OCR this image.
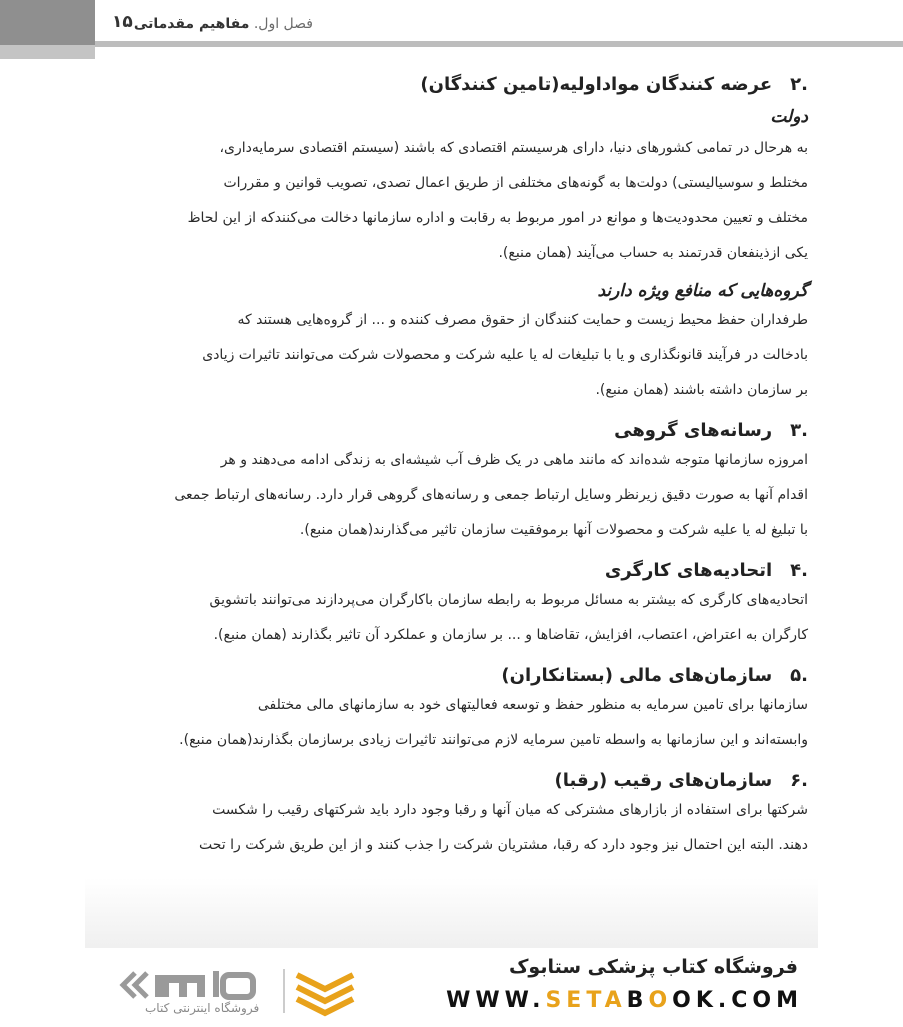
۱۵	فصل اول. مفاهیم مقدماتی
.۲عرضه کنندگان موادا‌ولیه(تامین کنندگان)
دولت
به هرحال در تمامی کشورهای دنیا، دارای هرسیستم اقتصادی که باشند (سیستم اقتصادی سرمایه‌داری،
مختلط و سوسیالیستی) دولت‌ها به گونه‌های مختلفی از طریق اعمال تصدی، تصویب قوانین و مقررات
مختلف و تعیین محدودیت‌ها و موانع در امور مربوط به رقابت و اداره سازمانها دخالت می‌کنندکه از این لحاظ
یکی ازذینفعان قدرتمند به حساب می‌آیند (همان منبع).
گروه‌هایی که منافع ویژه دارند
طرفداران حفظ محیط زیست و حمایت کنندگان از حقوق مصرف کننده و ... از گروه‌هایی هستند که
بادخالت در فرآیند قانونگذاری و یا با تبلیغات له یا علیه شرکت و محصولات شرکت می‌توانند تاثیرات زیادی
بر سازمان داشته باشند (همان منبع).
.۳رسانه‌های گروهی
امروزه سازمانها متوجه شده‌اند که مانند ماهی در یک ظرف آب شیشه‌ای به زندگی ادامه می‌دهند و هر
اقدام آنها به صورت دقیق زیرنظر وسایل ارتباط جمعی و رسانه‌های گروهی قرار دارد. رسانه‌های ارتباط جمعی
با تبلیغ له یا علیه شرکت و محصولات آنها برموفقیت سازمان تاثیر می‌گذارند(همان منبع).
.۴اتحادیه‌های کارگری
اتحادیه‌های کارگری که بیشتر به مسائل مربوط به رابطه سازمان باکارگران می‌پردازند می‌توانند باتشویق
کارگران به اعتراض، اعتصاب، افزایش، تقاضاها و ... بر سازمان و عملکرد آن تاثیر بگذارند (همان منبع).
.۵سازمان‌های مالی (بستانکاران)
سازمانها برای تامین سرمایه به منظور حفظ و توسعه فعالیتهای خود به سازمانهای مالی مختلفی
وابسته‌اند و این سازمانها به واسطه تامین سرمایه لازم می‌توانند تاثیرات زیادی برسازمان بگذارند(همان منبع).
.۶سازمان‌های رقیب (رقبا)
شرکتها برای استفاده از بازارهای مشترکی که میان آنها و رقبا وجود دارد باید شرکتهای رقیب را شکست
دهند. البته این احتمال نیز وجود دارد که رقبا، مشتریان شرکت را جذب کنند و از این طریق شرکت را تحت
فروشگاه اینترنتی کتاب
فروشگاه کتاب پزشکی ستابوک
WWW.SETABOOK.COM
